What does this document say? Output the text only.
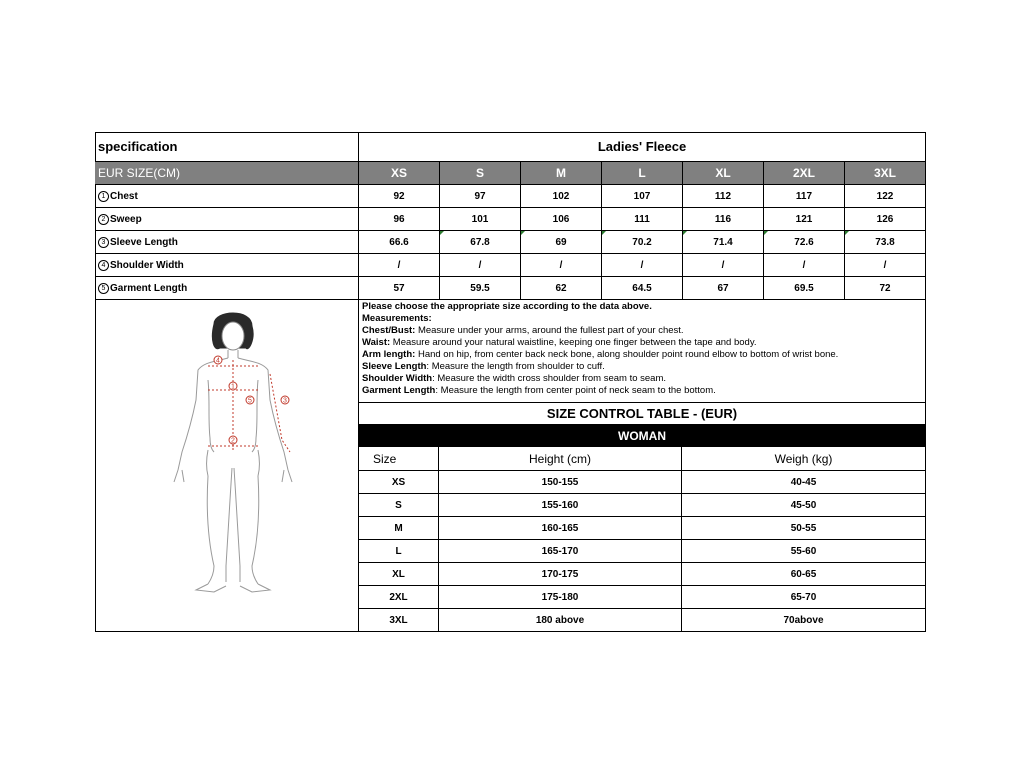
specification	Ladies' Fleece
EUR SIZE(CM)	XS	S	M	L	XL	2XL	3XL
1 Chest	92	97	102	107	112	117	122
2 Sweep	96	101	106	111	116	121	126
3 Sleeve Length	66.6	67.8	69	70.2	71.4	72.6	73.8
4 Shoulder Width	/	/	/	/	/	/	/
5 Garment Length	57	59.5	62	64.5	67	69.5	72
4
1
5	3
2
Please choose the appropriate size according to the data above.
Measurements:
Chest/Bust: Measure under your arms, around the fullest part of your chest.
Waist: Measure around your natural waistline, keeping one finger between the tape and body.
Arm length: Hand on hip, from center back neck bone, along shoulder point round elbow to bottom of wrist bone.
Sleeve Length: Measure the length from shoulder to cuff.
Shoulder Width: Measure the width cross shoulder from seam to seam.
Garment Length: Measure the length from center point of neck seam to the bottom.
SIZE CONTROL TABLE - (EUR)
WOMAN
Size	Height (cm)	Weigh (kg)
XS	150-155	40-45
S	155-160	45-50
M	160-165	50-55
L	165-170	55-60
XL	170-175	60-65
2XL	175-180	65-70
3XL	180 above	70above
